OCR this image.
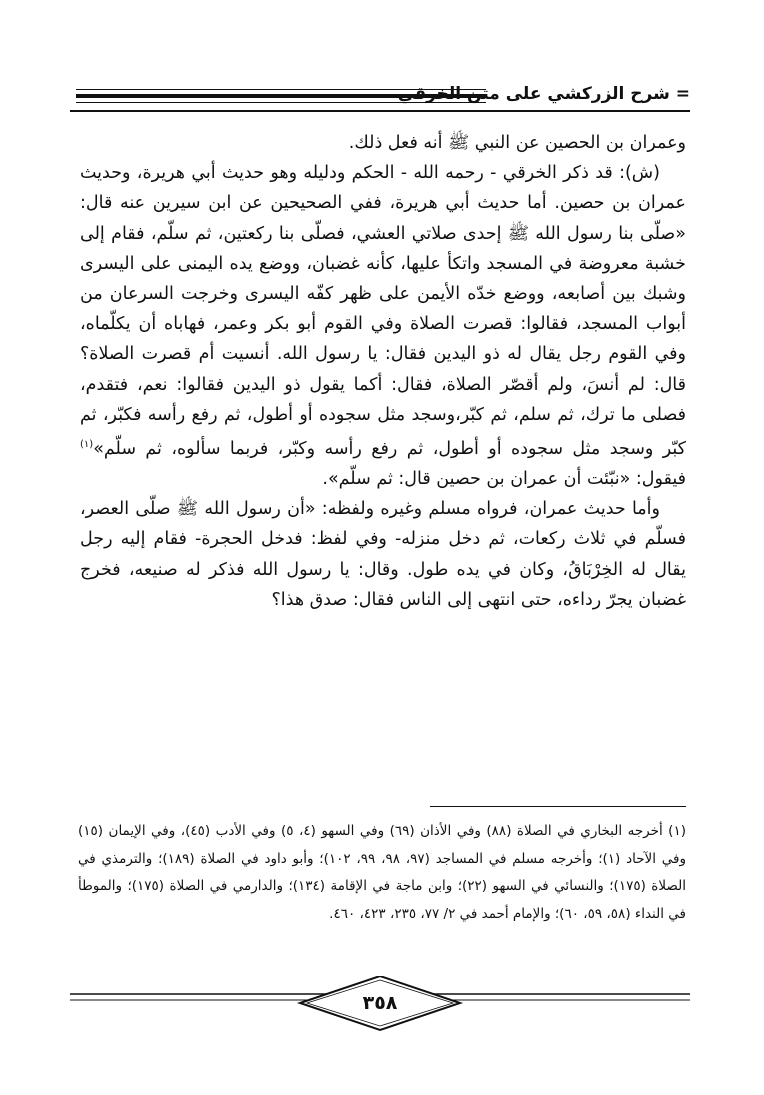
= شرح الزركشي على متن الخرقي

وعمران بن الحصين عن النبي ﷺ أنه فعل ذلك.

(ش): قد ذكر الخرقي - رحمه الله - الحكم ودليله وهو حديث أبي هريرة، وحديث عمران بن حصين. أما حديث أبي هريرة، ففي الصحيحين عن ابن سيرين عنه قال: «صلّى بنا رسول الله ﷺ إحدى صلاتي العشي، فصلّى بنا ركعتين، ثم سلّم، فقام إلى خشبة معروضة في المسجد واتكأ عليها، كأنه غضبان، ووضع يده اليمنى على اليسرى وشبك بين أصابعه، ووضع خدّه الأيمن على ظهر كفّه اليسرى وخرجت السرعان من أبواب المسجد، فقالوا: قصرت الصلاة وفي القوم أبو بكر وعمر، فهاباه أن يكلّماه، وفي القوم رجل يقال له ذو اليدين فقال: يا رسول الله. أنسيت أم قصرت الصلاة؟ قال: لم أنسَ، ولم أقصّر الصلاة، فقال: أكما يقول ذو اليدين فقالوا: نعم، فتقدم، فصلى ما ترك، ثم سلم، ثم كبّر،وسجد مثل سجوده أو أطول، ثم رفع رأسه فكبّر، ثم كبّر وسجد مثل سجوده أو أطول، ثم رفع رأسه وكبّر، فربما سألوه، ثم سلّم»$^{(١)}$ فيقول: «نبّئت أن عمران بن حصين قال: ثم سلّم».

وأما حديث عمران، فرواه مسلم وغيره ولفظه: «أن رسول الله ﷺ صلّى العصر، فسلّم في ثلاث ركعات، ثم دخل منزله- وفي لفظ: فدخل الحجرة- فقام إليه رجل يقال له الخِرْبَاقُ، وكان في يده طول. وقال: يا رسول الله فذكر له صنيعه، فخرج غضبان يجرّ رداءه، حتى انتهى إلى الناس فقال: صدق هذا؟

(١) أخرجه البخاري في الصلاة (٨٨) وفي الأذان (٦٩) وفي السهو (٤، ٥) وفي الأدب (٤٥)، وفي الإيمان (١٥) وفي الآحاد (١)؛ وأخرجه مسلم في المساجد (٩٧، ٩٨، ٩٩، ١٠٢)؛ وأبو داود في الصلاة (١٨٩)؛ والترمذي في الصلاة (١٧٥)؛ والنسائي في السهو (٢٢)؛ وابن ماجة في الإقامة (١٣٤)؛ والدارمي في الصلاة (١٧٥)؛ والموطأ في النداء (٥٨، ٥٩، ٦٠)؛ والإمام أحمد في ٢/ ٧٧، ٢٣٥، ٤٢٣، ٤٦٠.

٣٥٨
